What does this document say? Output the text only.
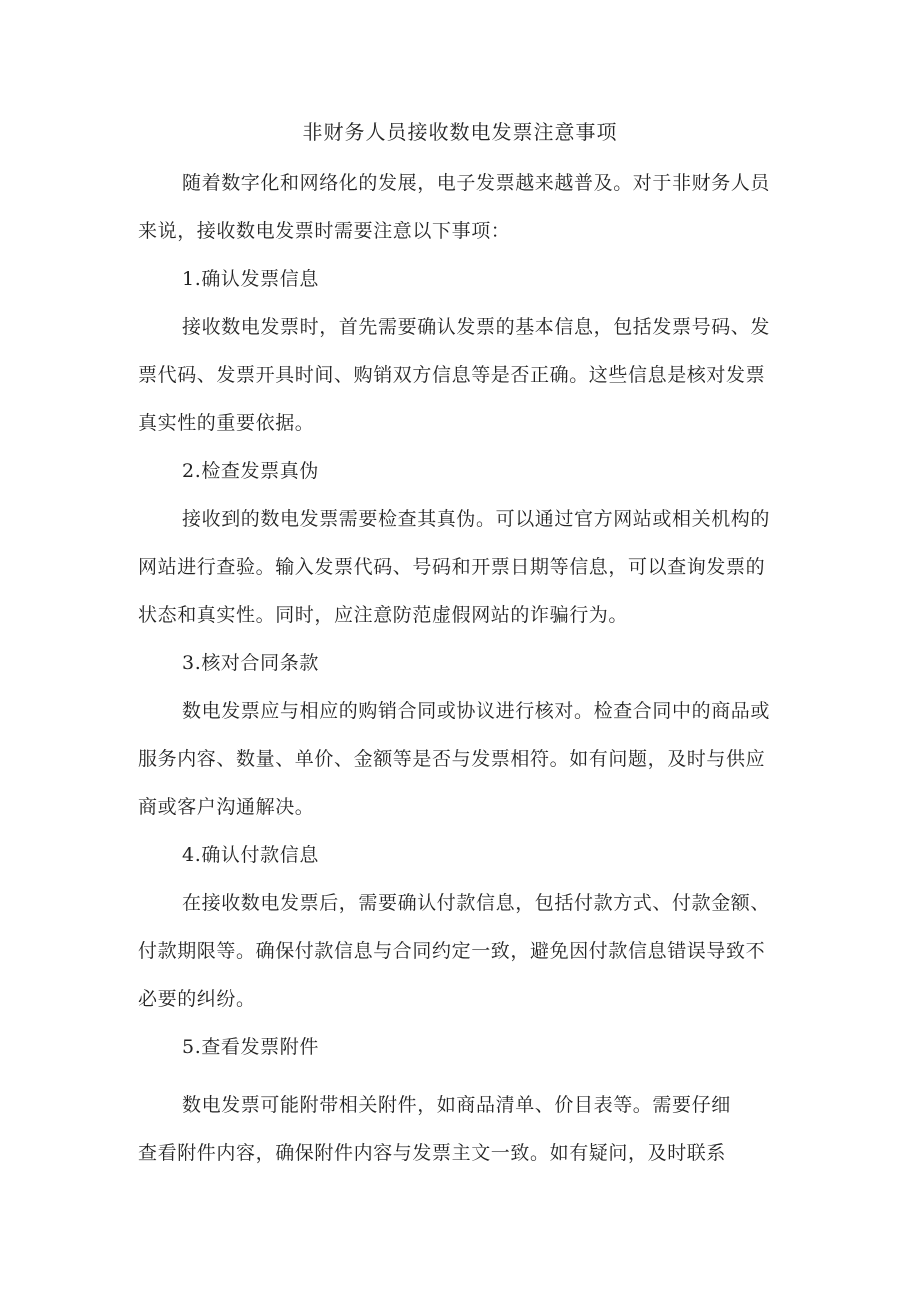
非财务人员接收数电发票注意事项
随着数字化和网络化的发展，电子发票越来越普及。对于非财务人员
来说，接收数电发票时需要注意以下事项：
1.确认发票信息
接收数电发票时，首先需要确认发票的基本信息，包括发票号码、发
票代码、发票开具时间、购销双方信息等是否正确。这些信息是核对发票
真实性的重要依据。
2.检查发票真伪
接收到的数电发票需要检查其真伪。可以通过官方网站或相关机构的
网站进行查验。输入发票代码、号码和开票日期等信息，可以查询发票的
状态和真实性。同时，应注意防范虚假网站的诈骗行为。
3.核对合同条款
数电发票应与相应的购销合同或协议进行核对。检查合同中的商品或
服务内容、数量、单价、金额等是否与发票相符。如有问题，及时与供应
商或客户沟通解决。
4.确认付款信息
在接收数电发票后，需要确认付款信息，包括付款方式、付款金额、
付款期限等。确保付款信息与合同约定一致，避免因付款信息错误导致不
必要的纠纷。
5.查看发票附件
数电发票可能附带相关附件，如商品清单、价目表等。需要仔细
查看附件内容，确保附件内容与发票主文一致。如有疑问，及时联系
